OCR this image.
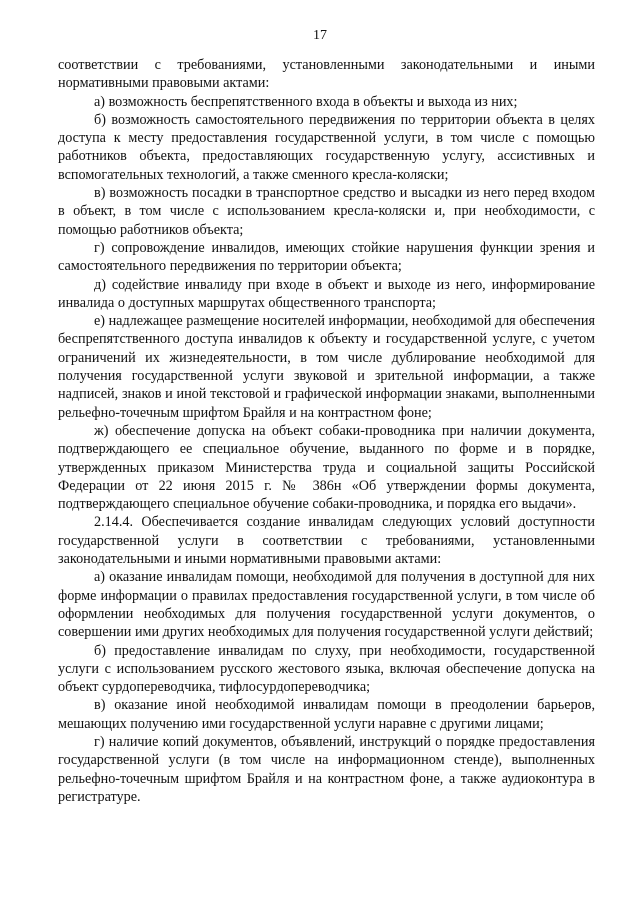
17

соответствии с требованиями, установленными законодательными и иными нормативными правовыми актами:

а) возможность беспрепятственного входа в объекты и выхода из них;

б) возможность самостоятельного передвижения по территории объекта в целях доступа к месту предоставления государственной услуги, в том числе с помощью работников объекта, предоставляющих государственную услугу, ассистивных и вспомогательных технологий, а также сменного кресла-коляски;

в) возможность посадки в транспортное средство и высадки из него перед входом в объект, в том числе с использованием кресла-коляски и, при необходимости, с помощью работников объекта;

г) сопровождение инвалидов, имеющих стойкие нарушения функции зрения и самостоятельного передвижения по территории объекта;

д) содействие инвалиду при входе в объект и выходе из него, информирование инвалида о доступных маршрутах общественного транспорта;

е) надлежащее размещение носителей информации, необходимой для обеспечения беспрепятственного доступа инвалидов к объекту и государственной услуге, с учетом ограничений их жизнедеятельности, в том числе дублирование необходимой для получения государственной услуги звуковой и зрительной информации, а также надписей, знаков и иной текстовой и графической информации знаками, выполненными рельефно-точечным шрифтом Брайля и на контрастном фоне;

ж) обеспечение допуска на объект собаки-проводника при наличии документа, подтверждающего ее специальное обучение, выданного по форме и в порядке, утвержденных приказом Министерства труда и социальной защиты Российской Федерации от 22 июня 2015 г. № 386н «Об утверждении формы документа, подтверждающего специальное обучение собаки-проводника, и порядка его выдачи».

2.14.4. Обеспечивается создание инвалидам следующих условий доступности государственной услуги в соответствии с требованиями, установленными законодательными и иными нормативными правовыми актами:

а) оказание инвалидам помощи, необходимой для получения в доступной для них форме информации о правилах предоставления государственной услуги, в том числе об оформлении необходимых для получения государственной услуги документов, о совершении ими других необходимых для получения государственной услуги действий;

б) предоставление инвалидам по слуху, при необходимости, государственной услуги с использованием русского жестового языка, включая обеспечение допуска на объект сурдопереводчика, тифлосурдопереводчика;

в) оказание иной необходимой инвалидам помощи в преодолении барьеров, мешающих получению ими государственной услуги наравне с другими лицами;

г) наличие копий документов, объявлений, инструкций о порядке предоставления государственной услуги (в том числе на информационном стенде), выполненных рельефно-точечным шрифтом Брайля и на контрастном фоне, а также аудиоконтура в регистратуре.
